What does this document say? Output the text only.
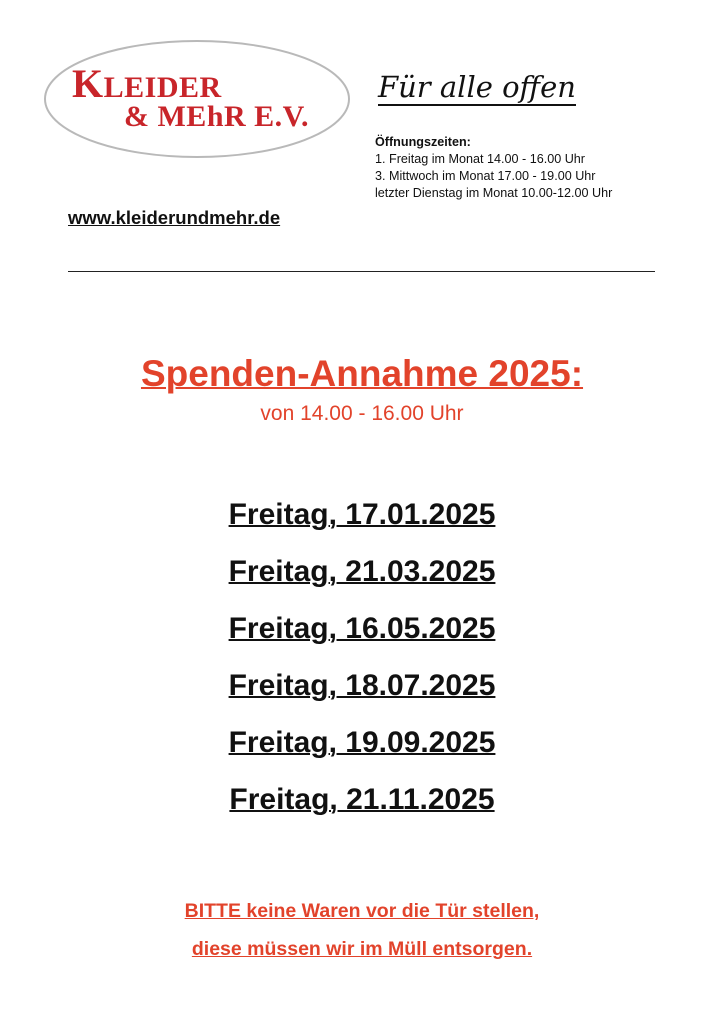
KLEIDER
& MEhR E.V.
Für alle offen
Öffnungszeiten:
1. Freitag im Monat 14.00 - 16.00 Uhr
3. Mittwoch im Monat 17.00 - 19.00 Uhr
letzter Dienstag im Monat 10.00-12.00 Uhr
www.kleiderundmehr.de
Spenden-Annahme 2025:
von 14.00 - 16.00 Uhr
Freitag, 17.01.2025
Freitag, 21.03.2025
Freitag, 16.05.2025
Freitag, 18.07.2025
Freitag, 19.09.2025
Freitag, 21.11.2025
BITTE keine Waren vor die Tür stellen,
diese müssen wir im Müll entsorgen.
